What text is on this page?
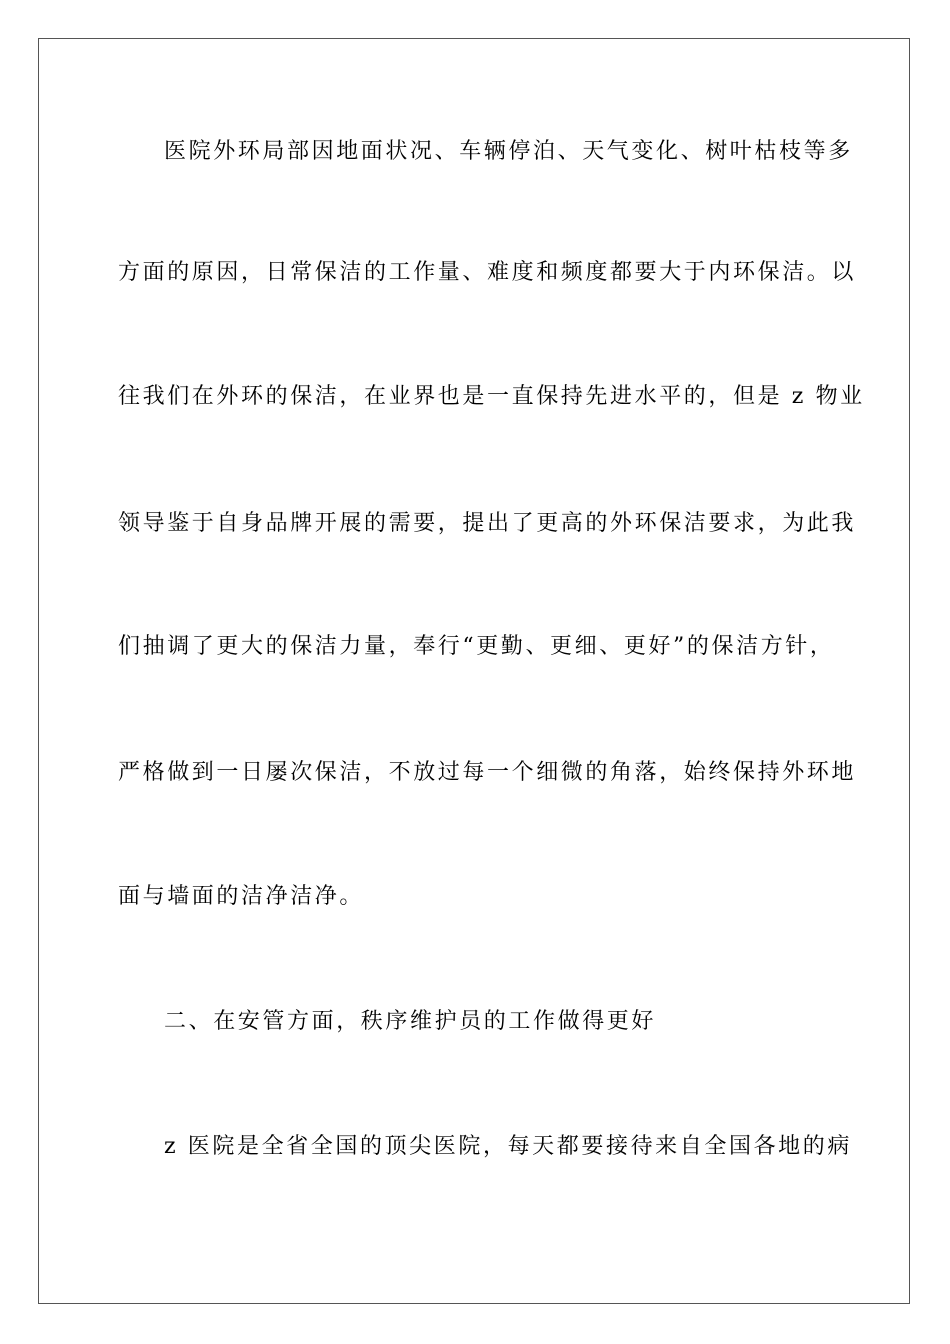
医院外环局部因地面状况、车辆停泊、天气变化、树叶枯枝等多
方面的原因，日常保洁的工作量、难度和频度都要大于内环保洁。以
往我们在外环的保洁，在业界也是一直保持先进水平的，但是 z 物业
领导鉴于自身品牌开展的需要，提出了更高的外环保洁要求，为此我
们抽调了更大的保洁力量，奉行“更勤、更细、更好”的保洁方针，
严格做到一日屡次保洁，不放过每一个细微的角落，始终保持外环地
面与墙面的洁净洁净。
二、在安管方面，秩序维护员的工作做得更好
z 医院是全省全国的顶尖医院，每天都要接待来自全国各地的病
